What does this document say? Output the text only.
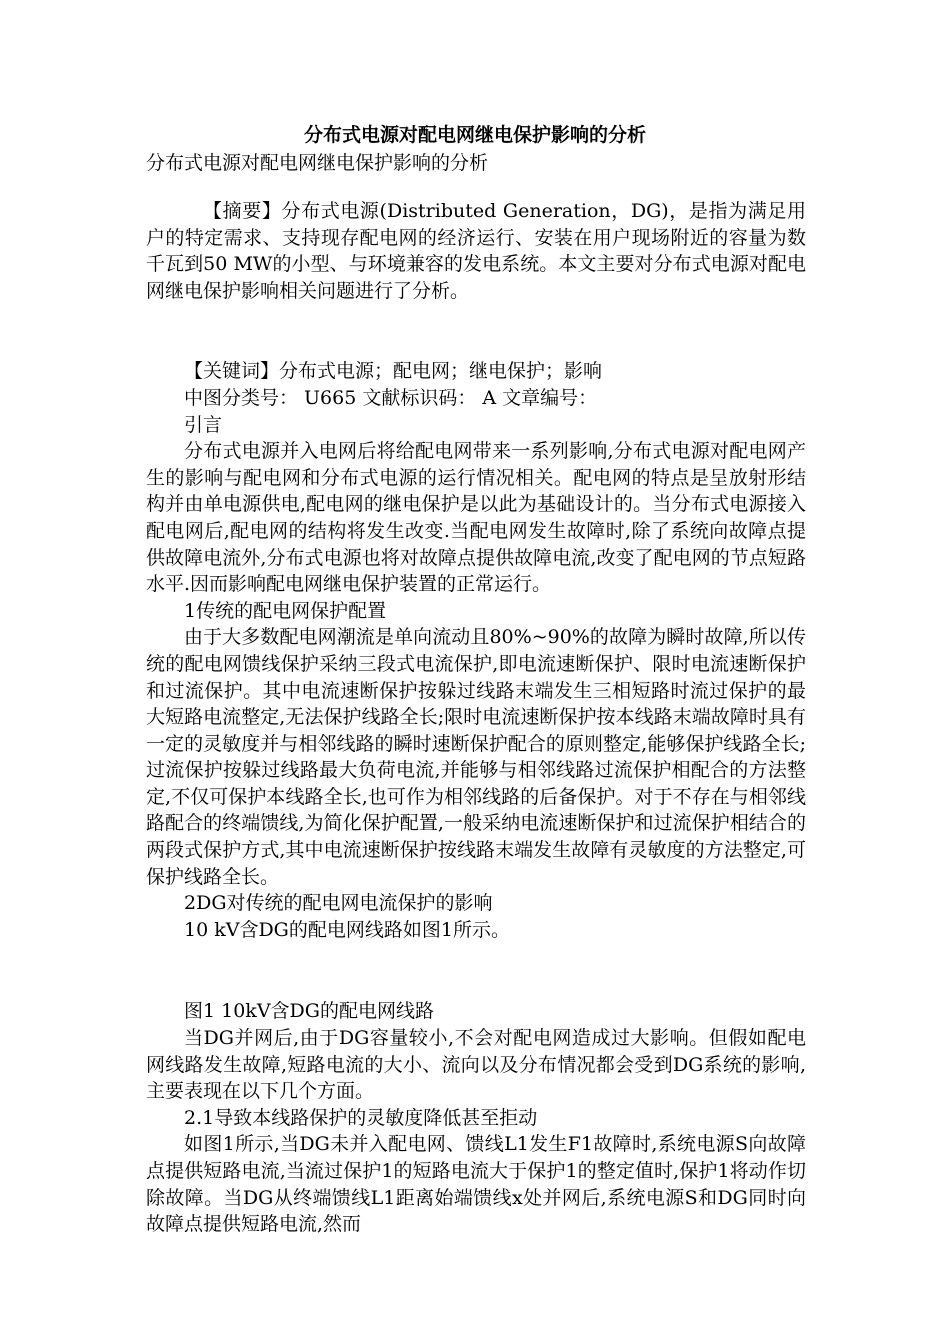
分布式电源对配电网继电保护影响的分析
分布式电源对配电网继电保护影响的分析

【摘要】分布式电源(Distributed Generation，DG)，是指为满足用户的特定需求、支持现存配电网的经济运行、安装在用户现场附近的容量为数千瓦到50 MW的小型、与环境兼容的发电系统。本文主要对分布式电源对配电网继电保护影响相关问题进行了分析。

【关键词】分布式电源；配电网；继电保护；影响

中图分类号： U665 文献标识码： A 文章编号：

引言

分布式电源并入电网后将给配电网带来一系列影响,分布式电源对配电网产生的影响与配电网和分布式电源的运行情况相关。配电网的特点是呈放射形结构并由单电源供电,配电网的继电保护是以此为基础设计的。当分布式电源接入配电网后,配电网的结构将发生改变.当配电网发生故障时,除了系统向故障点提供故障电流外,分布式电源也将对故障点提供故障电流,改变了配电网的节点短路水平.因而影响配电网继电保护装置的正常运行。

1传统的配电网保护配置

由于大多数配电网潮流是单向流动且80%~90%的故障为瞬时故障,所以传统的配电网馈线保护采纳三段式电流保护,即电流速断保护、限时电流速断保护和过流保护。其中电流速断保护按躲过线路末端发生三相短路时流过保护的最大短路电流整定,无法保护线路全长;限时电流速断保护按本线路末端故障时具有一定的灵敏度并与相邻线路的瞬时速断保护配合的原则整定,能够保护线路全长;过流保护按躲过线路最大负荷电流,并能够与相邻线路过流保护相配合的方法整定,不仅可保护本线路全长,也可作为相邻线路的后备保护。对于不存在与相邻线路配合的终端馈线,为简化保护配置,一般采纳电流速断保护和过流保护相结合的两段式保护方式,其中电流速断保护按线路末端发生故障有灵敏度的方法整定,可保护线路全长。

2DG对传统的配电网电流保护的影响

10 kV含DG的配电网线路如图1所示。

图1 10kV含DG的配电网线路

当DG并网后,由于DG容量较小,不会对配电网造成过大影响。但假如配电网线路发生故障,短路电流的大小、流向以及分布情况都会受到DG系统的影响,主要表现在以下几个方面。

2.1导致本线路保护的灵敏度降低甚至拒动

如图1所示,当DG未并入配电网、馈线L1发生F1故障时,系统电源S向故障点提供短路电流,当流过保护1的短路电流大于保护1的整定值时,保护1将动作切除故障。当DG从终端馈线L1距离始端馈线x处并网后,系统电源S和DG同时向故障点提供短路电流,然而
